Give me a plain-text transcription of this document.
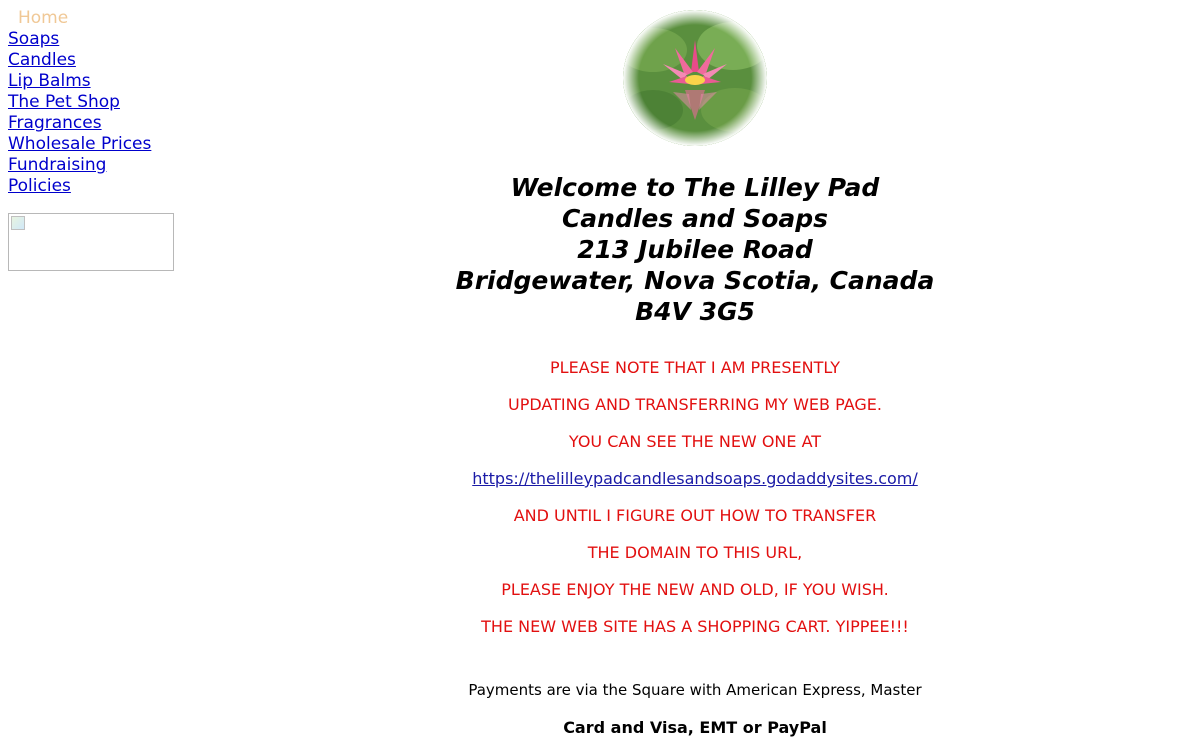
Home
Soaps
Candles
Lip Balms
The Pet Shop
Fragrances
Wholesale Prices
Fundraising
Policies	Welcome to The Lilley Pad
Candles and Soaps
213 Jubilee Road
Bridgewater, Nova Scotia, Canada
B4V 3G5
PLEASE NOTE THAT I AM PRESENTLY
UPDATING AND TRANSFERRING MY WEB PAGE.
YOU CAN SEE THE NEW ONE AT
https://thelilleypadcandlesandsoaps.godaddysites.com/
AND UNTIL I FIGURE OUT HOW TO TRANSFER
THE DOMAIN TO THIS URL,
PLEASE ENJOY THE NEW AND OLD, IF YOU WISH.
THE NEW WEB SITE HAS A SHOPPING CART. YIPPEE!!!
Payments are via the Square with American Express, Master
Card and Visa, EMT or PayPal
